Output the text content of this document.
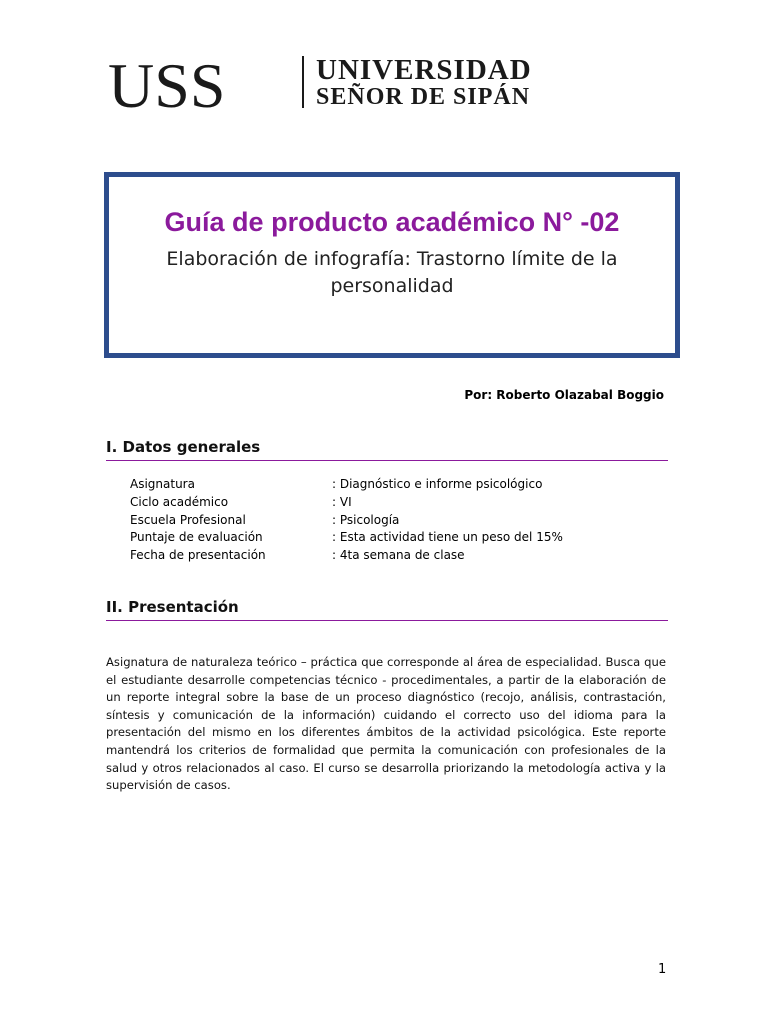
USS	UNIVERSIDAD
SEÑOR DE SIPÁN
Guía de producto académico N° -02
Elaboración de infografía: Trastorno límite de la personalidad
Por: Roberto Olazabal Boggio
I. Datos generales
Asignatura	: Diagnóstico e informe psicológico
Ciclo académico	: VI
Escuela Profesional	: Psicología
Puntaje de evaluación	: Esta actividad tiene un peso del 15%
Fecha de presentación	: 4ta semana de clase
II. Presentación
Asignatura de naturaleza teórico – práctica que corresponde al área de especialidad. Busca que el estudiante desarrolle competencias técnico - procedimentales, a partir de la elaboración de un reporte integral sobre la base de un proceso diagnóstico (recojo, análisis, contrastación, síntesis y comunicación de la información) cuidando el correcto uso del idioma para la presentación del mismo en los diferentes ámbitos de la actividad psicológica. Este reporte mantendrá los criterios de formalidad que permita la comunicación con profesionales de la salud y otros relacionados al caso. El curso se desarrolla priorizando la metodología activa y la supervisión de casos.
1
